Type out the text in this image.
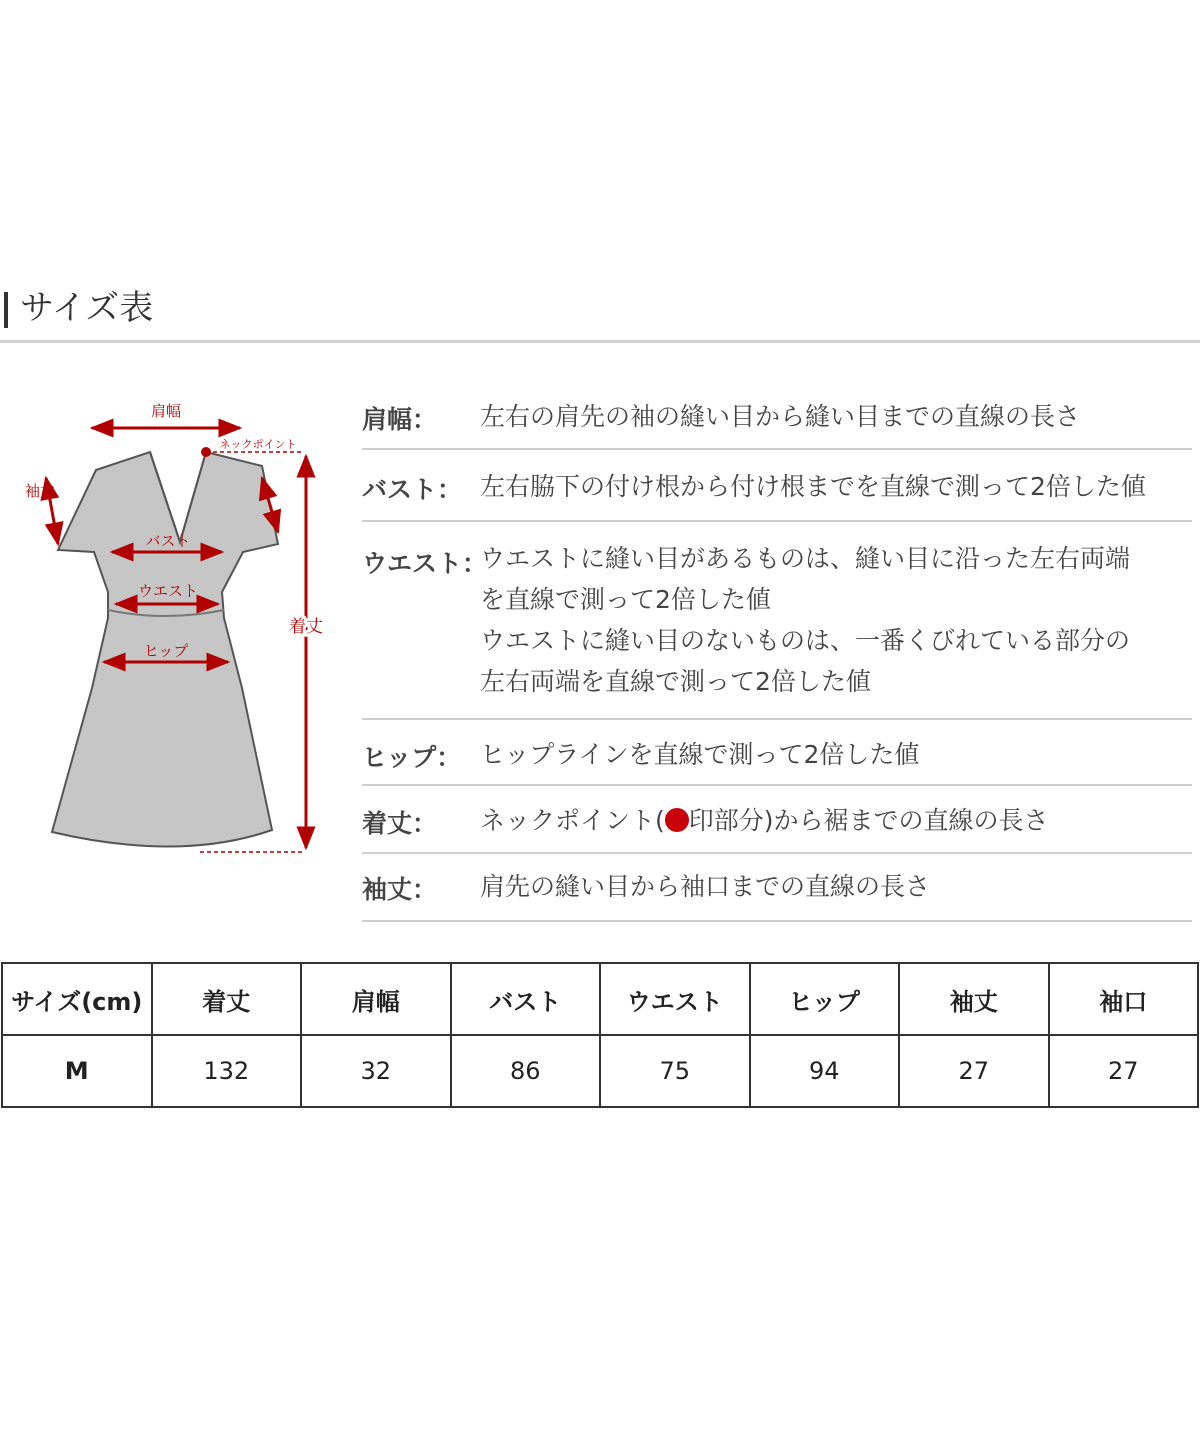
サイズ表
肩幅
ネックポイント
袖丈
バスト
ウエスト
ヒップ
着丈
肩幅： 左右の肩先の袖の縫い目から縫い目までの直線の長さ
バスト： 左右脇下の付け根から付け根までを直線で測って2倍した値
ウエスト：
ウエストに縫い目があるものは、縫い目に沿った左右両端
を直線で測って2倍した値
ウエストに縫い目のないものは、一番くびれている部分の
左右両端を直線で測って2倍した値
ヒップ： ヒップラインを直線で測って2倍した値
着丈： ネックポイント( 印部分)から裾までの直線の長さ
袖丈： 肩先の縫い目から袖口までの直線の長さ
サイズ(cm)	着丈	肩幅	バスト	ウエスト	ヒップ	袖丈	袖口
M	132	32	86	75	94	27	27
